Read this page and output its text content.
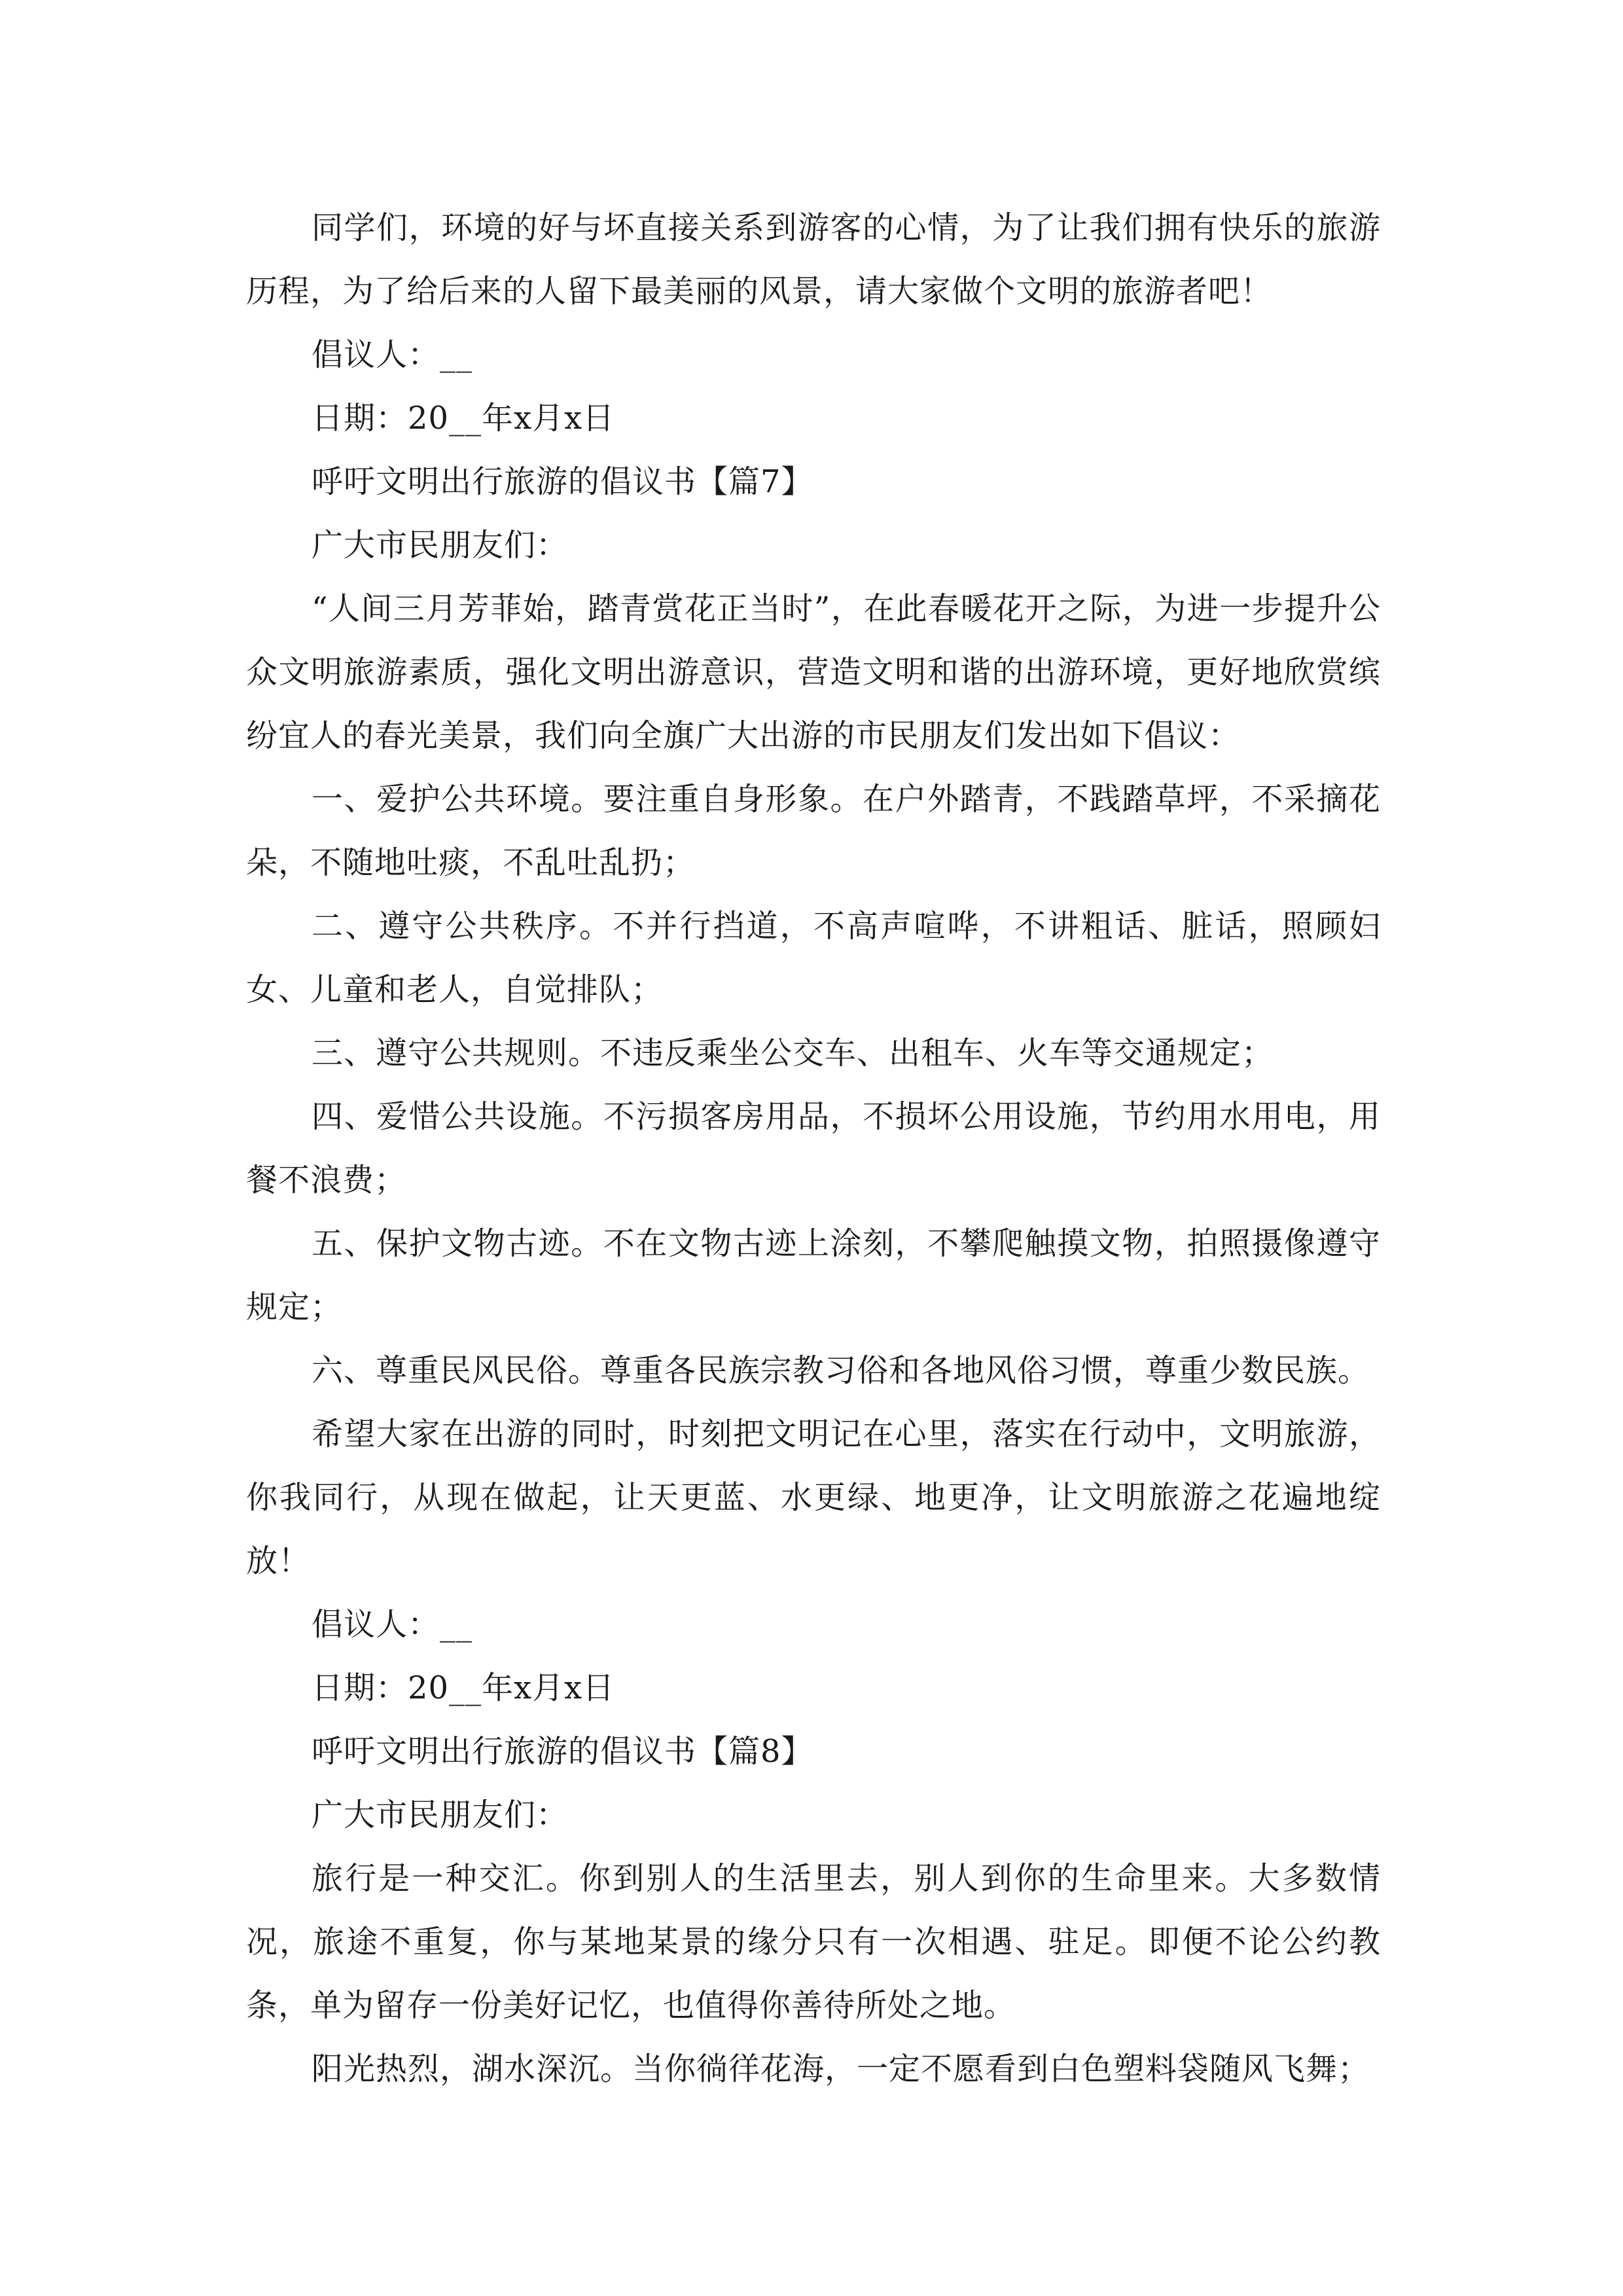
同学们，环境的好与坏直接关系到游客的心情，为了让我们拥有快乐的旅游历程，为了给后来的人留下最美丽的风景，请大家做个文明的旅游者吧！

倡议人：__

日期：20__年x月x日

呼吁文明出行旅游的倡议书【篇7】

广大市民朋友们：

“人间三月芳菲始，踏青赏花正当时”，在此春暖花开之际，为进一步提升公众文明旅游素质，强化文明出游意识，营造文明和谐的出游环境，更好地欣赏缤纷宜人的春光美景，我们向全旗广大出游的市民朋友们发出如下倡议：

一、爱护公共环境。要注重自身形象。在户外踏青，不践踏草坪，不采摘花朵，不随地吐痰，不乱吐乱扔；

二、遵守公共秩序。不并行挡道，不高声喧哗，不讲粗话、脏话，照顾妇女、儿童和老人，自觉排队；

三、遵守公共规则。不违反乘坐公交车、出租车、火车等交通规定；

四、爱惜公共设施。不污损客房用品，不损坏公用设施，节约用水用电，用餐不浪费；

五、保护文物古迹。不在文物古迹上涂刻，不攀爬触摸文物，拍照摄像遵守规定；

六、尊重民风民俗。尊重各民族宗教习俗和各地风俗习惯，尊重少数民族。

希望大家在出游的同时，时刻把文明记在心里，落实在行动中，文明旅游，你我同行，从现在做起，让天更蓝、水更绿、地更净，让文明旅游之花遍地绽放！

倡议人：__

日期：20__年x月x日

呼吁文明出行旅游的倡议书【篇8】

广大市民朋友们：

旅行是一种交汇。你到别人的生活里去，别人到你的生命里来。大多数情况，旅途不重复，你与某地某景的缘分只有一次相遇、驻足。即便不论公约教条，单为留存一份美好记忆，也值得你善待所处之地。

阳光热烈，湖水深沉。当你徜徉花海，一定不愿看到白色塑料袋随风飞舞；
